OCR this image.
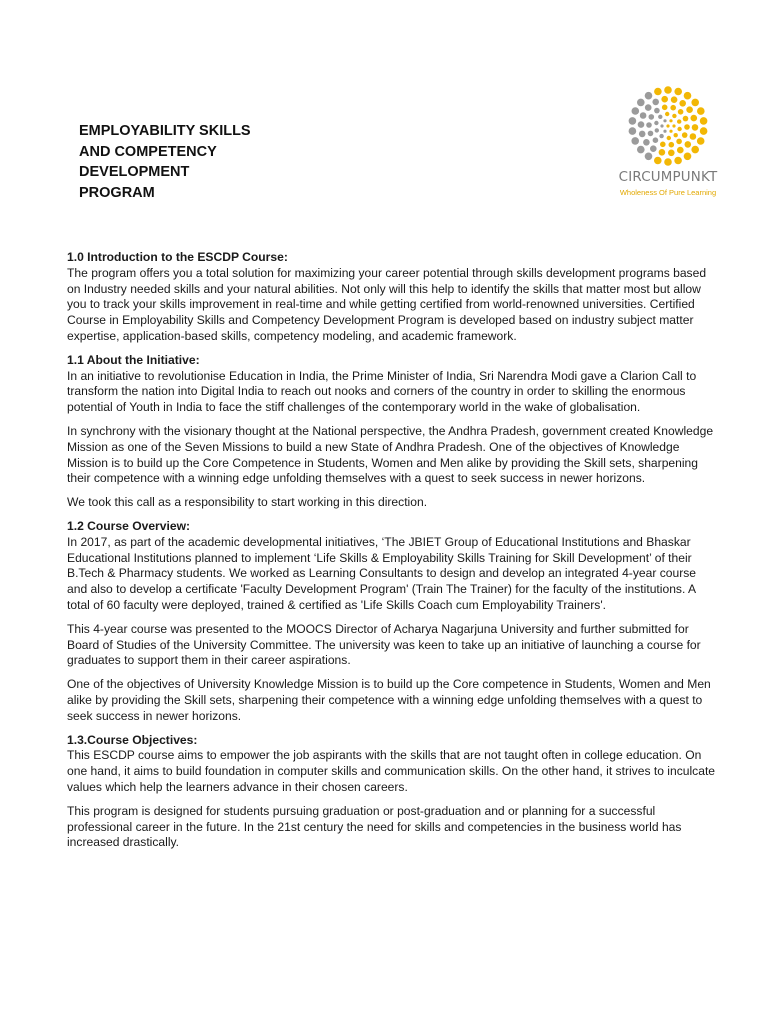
EMPLOYABILITY SKILLS
AND COMPETENCY
DEVELOPMENT
PROGRAM
CIRCUMPUNKT
Wholeness Of Pure Learning
1.0 Introduction to the ESCDP Course:

The program offers you a total solution for maximizing your career potential through skills development programs based on Industry needed skills and your natural abilities. Not only will this help to identify the skills that matter most but allow you to track your skills improvement in real-time and while getting certified from world-renowned universities. Certified Course in Employability Skills and Competency Development Program is developed based on industry subject matter expertise, application-based skills, competency modeling, and academic framework.

1.1 About the Initiative:

In an initiative to revolutionise Education in India, the Prime Minister of India, Sri Narendra Modi gave a Clarion Call to transform the nation into Digital India to reach out nooks and corners of the country in order to skilling the enormous potential of Youth in India to face the stiff challenges of the contemporary world in the wake of globalisation.

In synchrony with the visionary thought at the National perspective, the Andhra Pradesh, government created Knowledge Mission as one of the Seven Missions to build a new State of Andhra Pradesh. One of the objectives of Knowledge Mission is to build up the Core Competence in Students, Women and Men alike by providing the Skill sets, sharpening their competence with a winning edge unfolding themselves with a quest to seek success in newer horizons.

We took this call as a responsibility to start working in this direction.

1.2 Course Overview:

In 2017, as part of the academic developmental initiatives, ‘The JBIET Group of Educational Institutions and Bhaskar Educational Institutions planned to implement ‘Life Skills & Employability Skills Training for Skill Development’ of their B.Tech & Pharmacy students. We worked as Learning Consultants to design and develop an integrated 4-year course and also to develop a certificate 'Faculty Development Program' (Train The Trainer) for the faculty of the institutions. A total of 60 faculty were deployed, trained & certified as 'Life Skills Coach cum Employability Trainers'.

This 4-year course was presented to the MOOCS Director of Acharya Nagarjuna University and further submitted for Board of Studies of the University Committee. The university was keen to take up an initiative of launching a course for graduates to support them in their career aspirations.

One of the objectives of University Knowledge Mission is to build up the Core competence in Students, Women and Men alike by providing the Skill sets, sharpening their competence with a winning edge unfolding themselves with a quest to seek success in newer horizons.

1.3.Course Objectives:

This ESCDP course aims to empower the job aspirants with the skills that are not taught often in college education. On one hand, it aims to build foundation in computer skills and communication skills. On the other hand, it strives to inculcate values which help the learners advance in their chosen careers.

This program is designed for students pursuing graduation or post-graduation and or planning for a successful professional career in the future. In the 21st century the need for skills and competencies in the business world has increased drastically.
